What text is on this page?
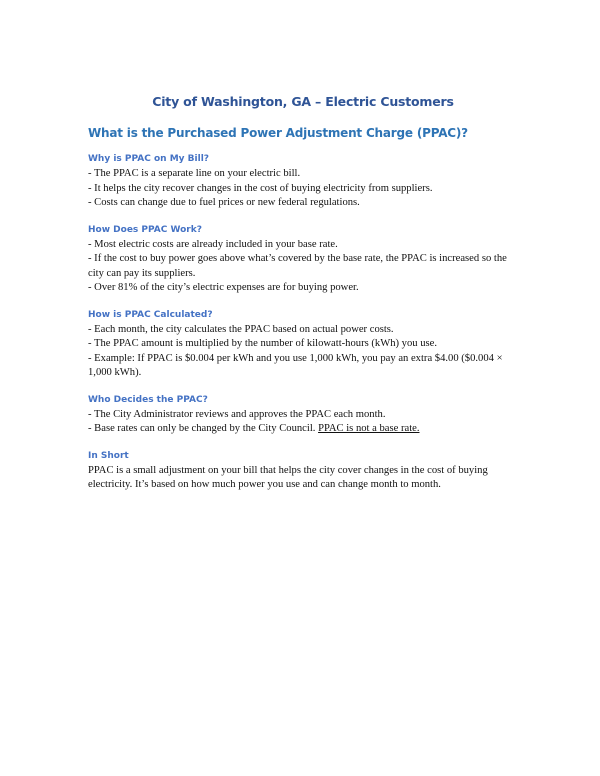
City of Washington, GA – Electric Customers
What is the Purchased Power Adjustment Charge (PPAC)?
Why is PPAC on My Bill?

- The PPAC is a separate line on your electric bill.

- It helps the city recover changes in the cost of buying electricity from suppliers.

- Costs can change due to fuel prices or new federal regulations.

How Does PPAC Work?

- Most electric costs are already included in your base rate.

- If the cost to buy power goes above what’s covered by the base rate, the PPAC is increased so the city can pay its suppliers.

- Over 81% of the city’s electric expenses are for buying power.

How is PPAC Calculated?

- Each month, the city calculates the PPAC based on actual power costs.

- The PPAC amount is multiplied by the number of kilowatt-hours (kWh) you use.

- Example: If PPAC is $0.004 per kWh and you use 1,000 kWh, you pay an extra $4.00 ($0.004 × 1,000 kWh).

Who Decides the PPAC?

- The City Administrator reviews and approves the PPAC each month.

- Base rates can only be changed by the City Council. PPAC is not a base rate.

In Short

PPAC is a small adjustment on your bill that helps the city cover changes in the cost of buying electricity. It’s based on how much power you use and can change month to month.
